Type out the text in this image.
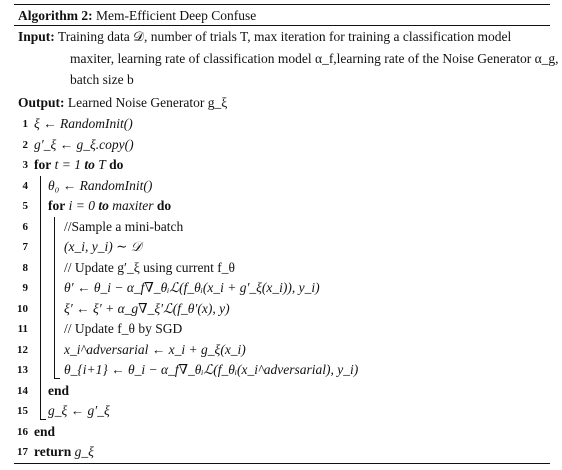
Algorithm 2: Mem-Efficient Deep Confuse
Input: Training data 𝒟, number of trials T, max iteration for training a classification model
maxiter, learning rate of classification model α_f,learning rate of the Noise Generator α_g,
batch size b
Output: Learned Noise Generator g_ξ
1 ξ ← RandomInit()
2 g′_ξ ← g_ξ.copy()
3 for t = 1 to T do
4 θ₀ ← RandomInit()
5 for i = 0 to maxiter do
6	//Sample a mini-batch
7	(x_i, y_i) ∼ 𝒟
8	// Update g′_ξ using current f_θ
9	θ′ ← θ_i − α_f∇_θᵢℒ(f_θᵢ(x_i + g′_ξ(x_i)), y_i)
10	ξ′ ← ξ′ + α_g∇_ξ′ℒ(f_θ′(x), y)
11	// Update f_θ by SGD
12	x_i^adversarial ← x_i + g_ξ(x_i)
13	θ_{i+1} ← θ_i − α_f∇_θᵢℒ(f_θᵢ(x_i^adversarial), y_i)
14 end
15 g_ξ ← g′_ξ
16 end
17 return g_ξ
